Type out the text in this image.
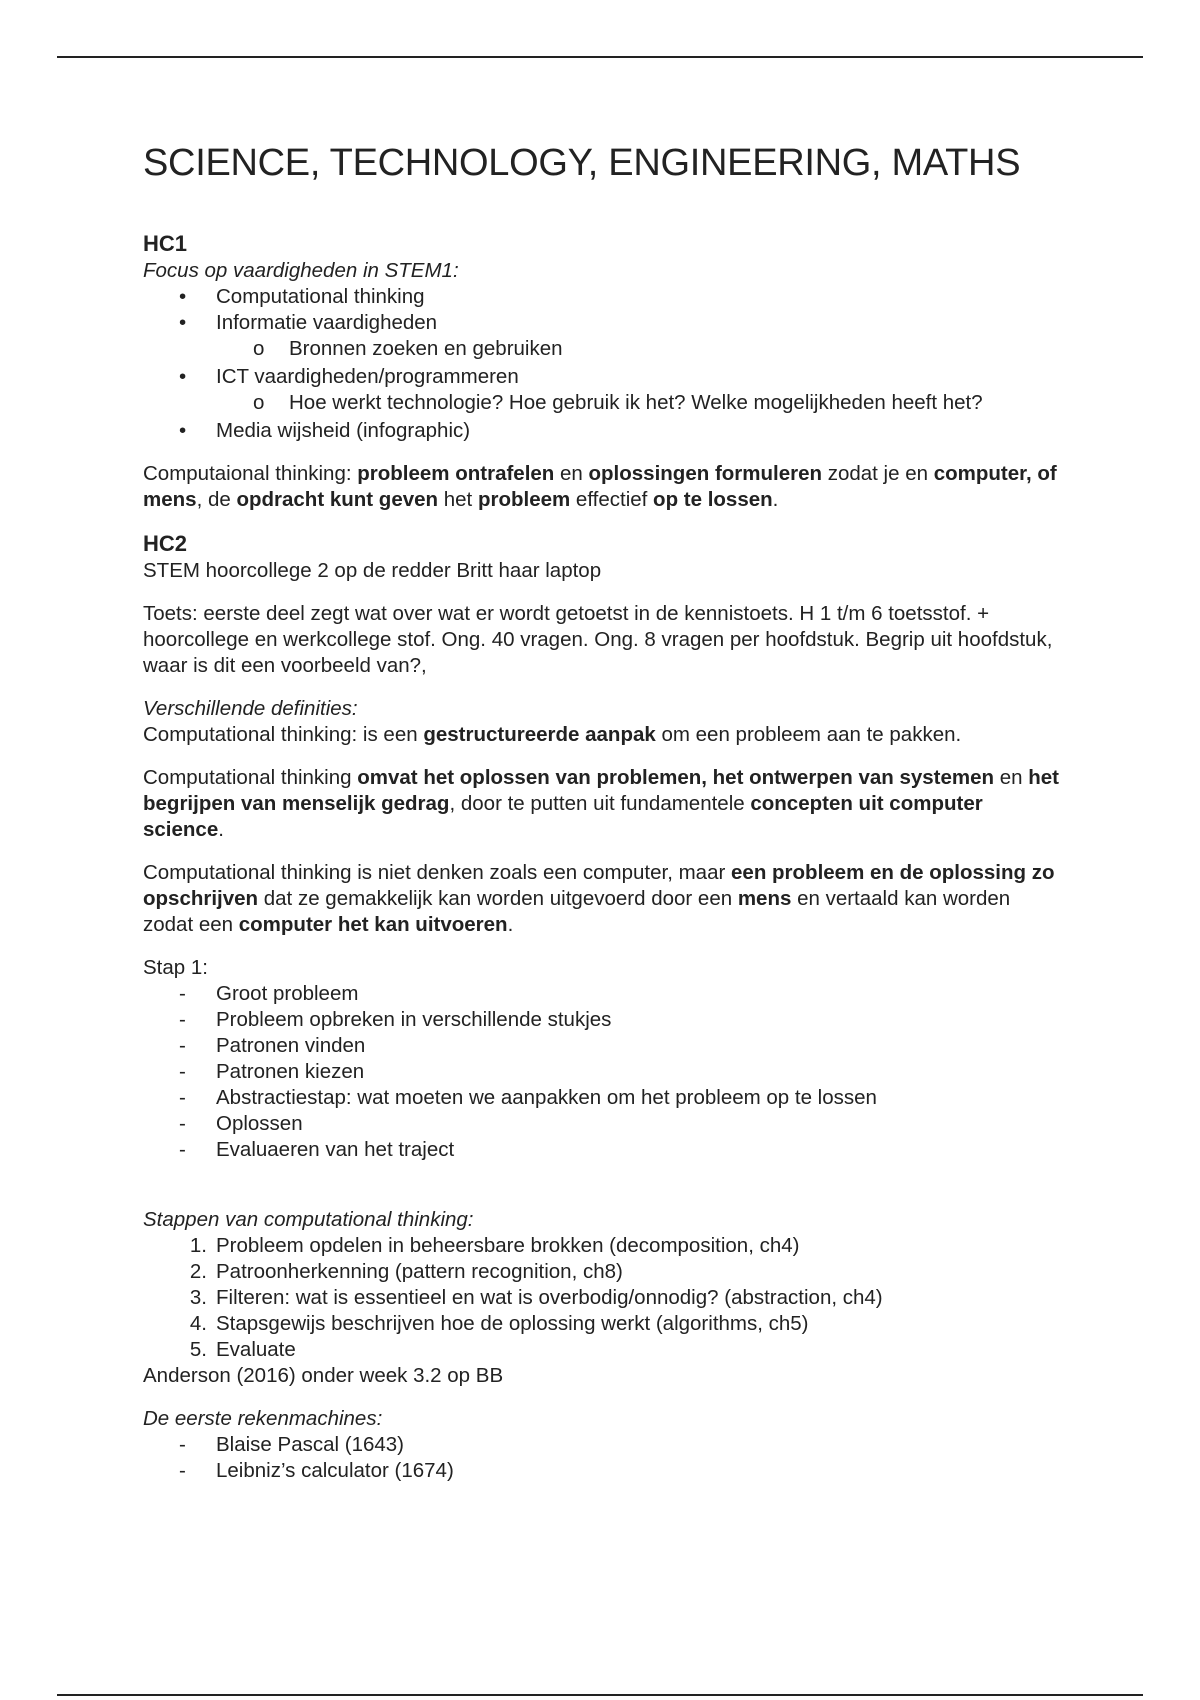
SCIENCE, TECHNOLOGY, ENGINEERING, MATHS
HC1

Focus op vaardigheden in STEM1:

•	Computational thinking
•	Informatie vaardigheden
o	Bronnen zoeken en gebruiken
•	ICT vaardigheden/programmeren
o	Hoe werkt technologie? Hoe gebruik ik het? Welke mogelijkheden heeft het?
•	Media wijsheid (infographic)

Computaional thinking: probleem ontrafelen en oplossingen formuleren zodat je en computer, of mens, de opdracht kunt geven het probleem effectief op te lossen.

HC2

STEM hoorcollege 2 op de redder Britt haar laptop

Toets: eerste deel zegt wat over wat er wordt getoetst in de kennistoets. H 1 t/m 6 toetsstof. + hoorcollege en werkcollege stof. Ong. 40 vragen. Ong. 8 vragen per hoofdstuk. Begrip uit hoofdstuk, waar is dit een voorbeeld van?,

Verschillende definities:

Computational thinking: is een gestructureerde aanpak om een probleem aan te pakken.

Computational thinking omvat het oplossen van problemen, het ontwerpen van systemen en het begrijpen van menselijk gedrag, door te putten uit fundamentele concepten uit computer science.

Computational thinking is niet denken zoals een computer, maar een probleem en de oplossing zo opschrijven dat ze gemakkelijk kan worden uitgevoerd door een mens en vertaald kan worden zodat een computer het kan uitvoeren.

Stap 1:

-	Groot probleem
-	Probleem opbreken in verschillende stukjes
-	Patronen vinden
-	Patronen kiezen
-	Abstractiestap: wat moeten we aanpakken om het probleem op te lossen
-	Oplossen
-	Evaluaeren van het traject

Stappen van computational thinking:

1. Probleem opdelen in beheersbare brokken (decomposition, ch4)
2. Patroonherkenning (pattern recognition, ch8)
3. Filteren: wat is essentieel en wat is overbodig/onnodig? (abstraction, ch4)
4. Stapsgewijs beschrijven hoe de oplossing werkt (algorithms, ch5)
5. Evaluate

Anderson (2016) onder week 3.2 op BB

De eerste rekenmachines:

-	Blaise Pascal (1643)
-	Leibniz’s calculator (1674)
